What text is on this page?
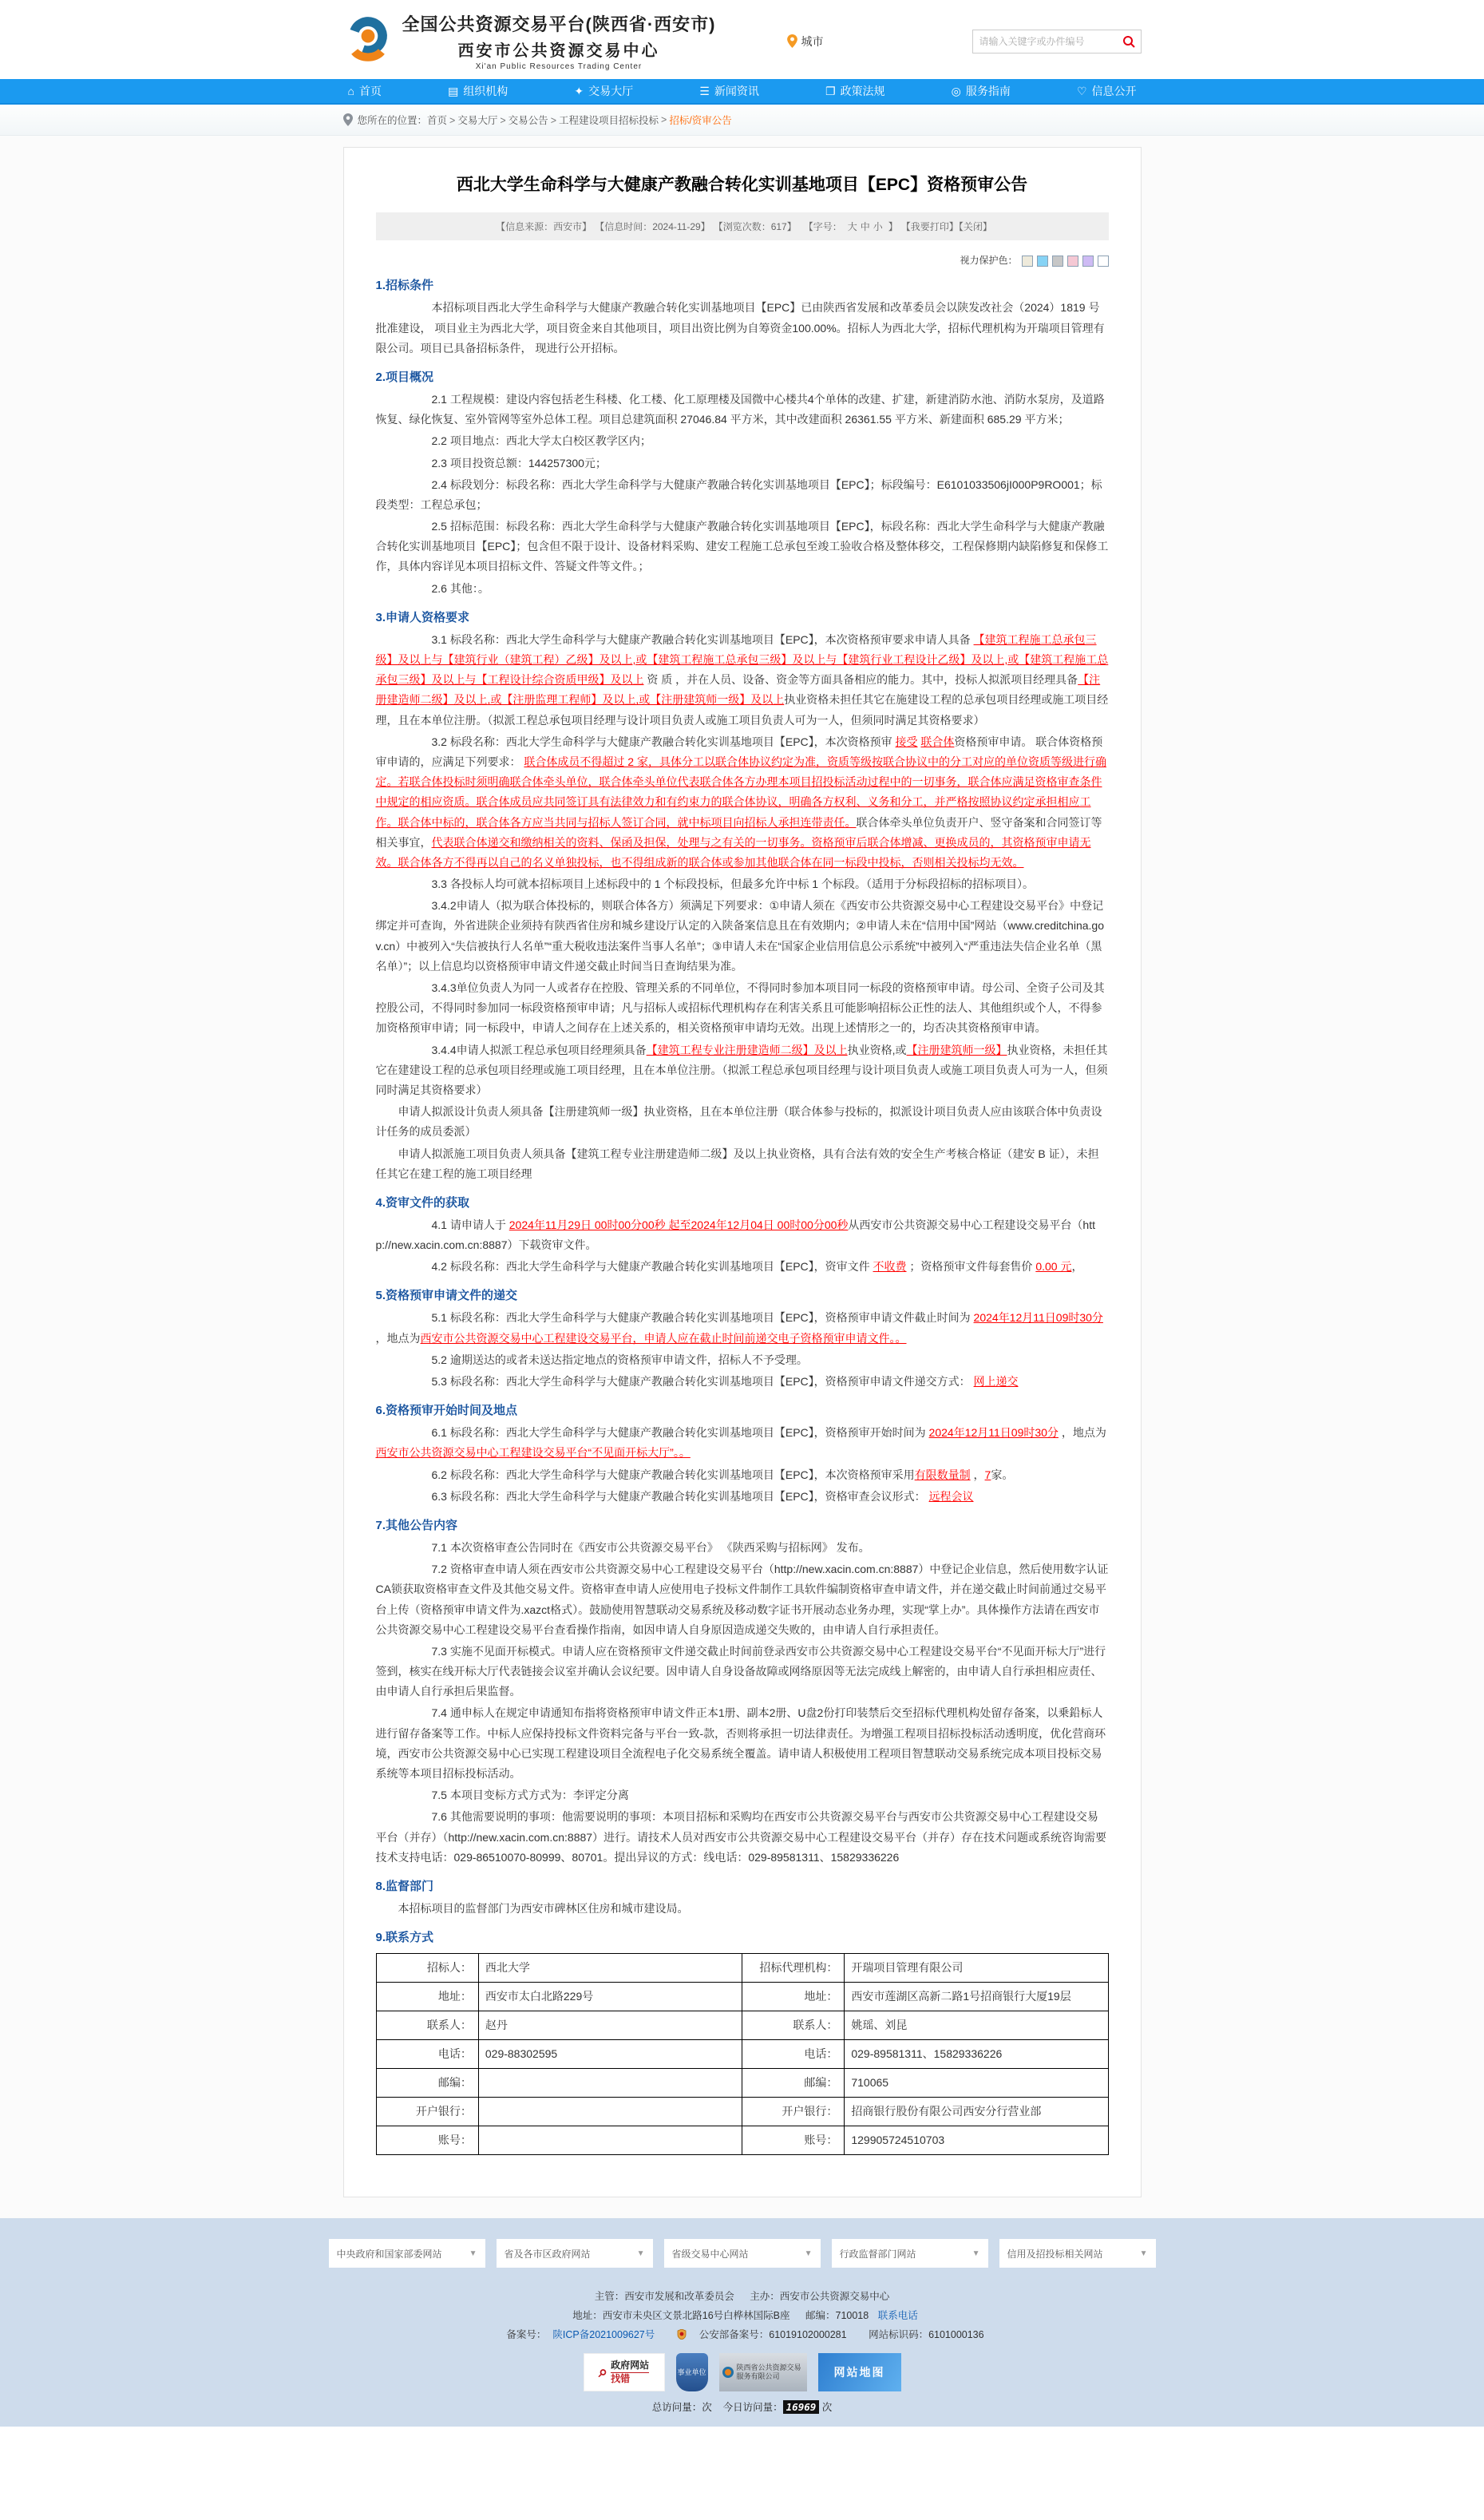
全国公共资源交易平台(陕西省·西安市)
西安市公共资源交易中心
Xi'an Public Resources Trading Center
城市
请输入关键字或办件编号
⌂ 首页	▤ 组织机构	✦ 交易大厅	☰ 新闻资讯	❐ 政策法规	◎ 服务指南	♡ 信息公开
您所在的位置： 首页 > 交易大厅 > 交易公告 > 工程建设项目招标投标 > 招标/资审公告
西北大学生命科学与大健康产教融合转化实训基地项目【EPC】资格预审公告
【信息来源：西安市】 【信息时间：2024-11-29】 【浏览次数：617】 【字号： 大 中 小 】 【我要打印】【关闭】
视力保护色：
1.招标条件

本招标项目西北大学生命科学与大健康产教融合转化实训基地项目【EPC】已由陕西省发展和改革委员会以陕发改社会（2024）1819 号批准建设， 项目业主为西北大学，项目资金来自其他项目，项目出资比例为自筹资金100.00%。招标人为西北大学，招标代理机构为开瑞项目管理有限公司。项目已具备招标条件， 现进行公开招标。

2.项目概况

2.1 工程规模：建设内容包括老生科楼、化工楼、化工原理楼及国微中心楼共4个单体的改建、扩建，新建消防水池、消防水泵房，及道路恢复、绿化恢复、室外管网等室外总体工程。项目总建筑面积 27046.84 平方米，其中改建面积 26361.55 平方米、新建面积 685.29 平方米；

2.2 项目地点：西北大学太白校区教学区内；

2.3 项目投资总额：144257300元；

2.4 标段划分：标段名称：西北大学生命科学与大健康产教融合转化实训基地项目【EPC】；标段编号：E6101033506jI000P9RO001；标段类型：工程总承包；

2.5 招标范围：标段名称：西北大学生命科学与大健康产教融合转化实训基地项目【EPC】，标段名称：西北大学生命科学与大健康产教融合转化实训基地项目【EPC】；包含但不限于设计、设备材料采购、建安工程施工总承包至竣工验收合格及整体移交，工程保修期内缺陷修复和保修工作，具体内容详见本项目招标文件、答疑文件等文件。；

2.6 其他：。

3.申请人资格要求

3.1 标段名称：西北大学生命科学与大健康产教融合转化实训基地项目【EPC】，本次资格预审要求申请人具备 【建筑工程施工总承包三级】及以上与【建筑行业（建筑工程）乙级】及以上,或【建筑工程施工总承包三级】及以上与【建筑行业工程设计乙级】及以上,或【建筑工程施工总承包三级】及以上与【工程设计综合资质甲级】及以上 资 质 ，并在人员、设备、资金等方面具备相应的能力。其中，投标人拟派项目经理具备【注册建造师二级】及以上,或【注册监理工程师】及以上,或【注册建筑师一级】及以上执业资格未担任其它在施建设工程的总承包项目经理或施工项目经理，且在本单位注册。（拟派工程总承包项目经理与设计项目负责人或施工项目负责人可为一人，但须同时满足其资格要求）

3.2 标段名称：西北大学生命科学与大健康产教融合转化实训基地项目【EPC】，本次资格预审 接受 联合体资格预审申请。 联合体资格预审申请的，应满足下列要求： 联合体成员不得超过 2 家，具体分工以联合体协议约定为准，资质等级按联合协议中的分工对应的单位资质等级进行确定。若联合体投标时须明确联合体牵头单位，联合体牵头单位代表联合体各方办理本项目招投标活动过程中的一切事务，联合体应满足资格审查条件中规定的相应资质。联合体成员应共同签订具有法律效力和有约束力的联合体协议，明确各方权利、义务和分工，并严格按照协议约定承担相应工作。联合体中标的，联合体各方应当共同与招标人签订合同，就中标项目向招标人承担连带责任。联合体牵头单位负责开户、竖守备案和合同签订等相关事宜，代表联合体递交和缴纳相关的资料、保函及担保，处理与之有关的一切事务。资格预审后联合体增减、更换成员的，其资格预审申请无效。联合体各方不得再以自己的名义单独投标，也不得组成新的联合体或参加其他联合体在同一标段中投标，否则相关投标均无效。

3.3 各投标人均可就本招标项目上述标段中的 1 个标段投标，但最多允许中标 1 个标段。（适用于分标段招标的招标项目）。

3.4.2申请人（拟为联合体投标的，则联合体各方）须满足下列要求：①申请人须在《西安市公共资源交易中心工程建设交易平台》中登记绑定并可查询，外省进陕企业须持有陕西省住房和城乡建设厅认定的入陕备案信息且在有效期内；②申请人未在“信用中国”网站（www.creditchina.gov.cn）中被列入“失信被执行人名单”“重大税收违法案件当事人名单”；③申请人未在“国家企业信用信息公示系统”中被列入“严重违法失信企业名单（黑名单）”；以上信息均以资格预审申请文件递交截止时间当日查询结果为准。

3.4.3单位负责人为同一人或者存在控股、管理关系的不同单位，不得同时参加本项目同一标段的资格预审申请。母公司、全资子公司及其控股公司，不得同时参加同一标段资格预审申请；凡与招标人或招标代理机构存在利害关系且可能影响招标公正性的法人、其他组织或个人，不得参加资格预审申请；同一标段中，申请人之间存在上述关系的，相关资格预审申请均无效。出现上述情形之一的，均否决其资格预审申请。

3.4.4申请人拟派工程总承包项目经理须具备【建筑工程专业注册建造师二级】及以上执业资格,或【注册建筑师一级】执业资格，未担任其它在建建设工程的总承包项目经理或施工项目经理，且在本单位注册。（拟派工程总承包项目经理与设计项目负责人或施工项目负责人可为一人，但须同时满足其资格要求）

申请人拟派设计负责人须具备【注册建筑师一级】执业资格，且在本单位注册（联合体参与投标的，拟派设计项目负责人应由该联合体中负责设计任务的成员委派）

申请人拟派施工项目负责人须具备【建筑工程专业注册建造师二级】及以上执业资格，具有合法有效的安全生产考核合格证（建安 B 证），未担任其它在建工程的施工项目经理

4.资审文件的获取

4.1 请申请人于 2024年11月29日 00时00分00秒 起至2024年12月04日 00时00分00秒从西安市公共资源交易中心工程建设交易平台（http://new.xacin.com.cn:8887）下载资审文件。

4.2 标段名称：西北大学生命科学与大健康产教融合转化实训基地项目【EPC】，资审文件 不收费 ；资格预审文件每套售价 0.00 元，

5.资格预审申请文件的递交

5.1 标段名称：西北大学生命科学与大健康产教融合转化实训基地项目【EPC】，资格预审申请文件截止时间为 2024年12月11日09时30分 ，地点为西安市公共资源交易中心工程建设交易平台，申请人应在截止时间前递交电子资格预审申请文件。。

5.2 逾期送达的或者未送达指定地点的资格预审申请文件，招标人不予受理。

5.3 标段名称：西北大学生命科学与大健康产教融合转化实训基地项目【EPC】，资格预审申请文件递交方式： 网上递交

6.资格预审开始时间及地点

6.1 标段名称：西北大学生命科学与大健康产教融合转化实训基地项目【EPC】，资格预审开始时间为 2024年12月11日09时30分 ，地点为西安市公共资源交易中心工程建设交易平台“不见面开标大厅”。。

6.2 标段名称：西北大学生命科学与大健康产教融合转化实训基地项目【EPC】，本次资格预审采用有限数量制 ，7家。

6.3 标段名称：西北大学生命科学与大健康产教融合转化实训基地项目【EPC】，资格审查会议形式： 远程会议

7.其他公告内容

7.1 本次资格审查公告同时在《西安市公共资源交易平台》 《陕西采购与招标网》 发布。

7.2 资格审查申请人须在西安市公共资源交易中心工程建设交易平台（http://new.xacin.com.cn:8887）中登记企业信息，然后使用数字认证CA锁获取资格审查文件及其他交易文件。资格审查申请人应使用电子投标文件制作工具软件编制资格审查申请文件，并在递交截止时间前通过交易平台上传（资格预审申请文件为.xazct格式）。鼓励使用智慧联动交易系统及移动数字证书开展动态业务办理，实现“掌上办”。具体操作方法请在西安市公共资源交易中心工程建设交易平台查看操作指南，如因申请人自身原因造成递交失败的，由申请人自行承担责任。

7.3 实施不见面开标模式。申请人应在资格预审文件递交截止时间前登录西安市公共资源交易中心工程建设交易平台“不见面开标大厅”进行签到，核实在线开标大厅代表链接会议室并确认会议纪要。因申请人自身设备故障或网络原因等无法完成线上解密的，由申请人自行承担相应责任、由申请人自行承担后果监督。

7.4 通申标人在规定申请通知布指将资格预审申请文件正本1册、副本2册、U盘2份打印装禁后交至招标代理机构处留存备案，以乗鉛标人进行留存备案等工作。中标人应保持投标文件资料完备与平台一致-款，否则将承担一切法律责任。为增强工程项目招标投标活动透明度，优化营商环境，西安市公共资源交易中心已实现工程建设项目全流程电子化交易系统全覆盖。请申请人积极使用工程项目智慧联动交易系统完成本项目投标交易系统等本项目招标投标活动。

7.5 本项目变标方式方式为：李评定分离

7.6 其他需要说明的事项：他需要说明的事项：本项目招标和采购均在西安市公共资源交易平台与西安市公共资源交易中心工程建设交易平台（并存）（http://new.xacin.com.cn:8887）进行。请技术人员对西安市公共资源交易中心工程建设交易平台（并存）存在技术问题或系统咨询需要技术支持电话：029-86510070-80999、80701。提出异议的方式：线电话：029-89581311、15829336226

8.监督部门

本招标项目的监督部门为西安市碑林区住房和城市建设局。

9.联系方式
招标人：	西北大学	招标代理机构：	开瑞项目管理有限公司
地址：	西安市太白北路229号	地址：	西安市莲湖区高新二路1号招商银行大厦19层
联系人：	赵丹	联系人：	姚瑶、刘昆
电话：	029-88302595	电话：	029-89581311、15829336226
邮编：		邮编：	710065
开户银行：		开户银行：	招商银行股份有限公司西安分行营业部
账号：		账号：	129905724510703
中央政府和国家部委网站	▼	省及各市区政府网站	▼	省级交易中心网站	▼	行政监督部门网站	▼	信用及招投标相关网站	▼
主管：西安市发展和改革委员会 主办：西安市公共资源交易中心
地址：西安市未央区文景北路16号白桦林国际B座 邮编：710018 联系电话
备案号： 陕ICP备2021009627号	公安部备案号：61019102000281 网站标识码：6101000136
⌕ 政府网站
找错
事业单位
陕西省公共资源交易服务有限公司	网站地图
总访问量：次 今日访问量： 16969 次
